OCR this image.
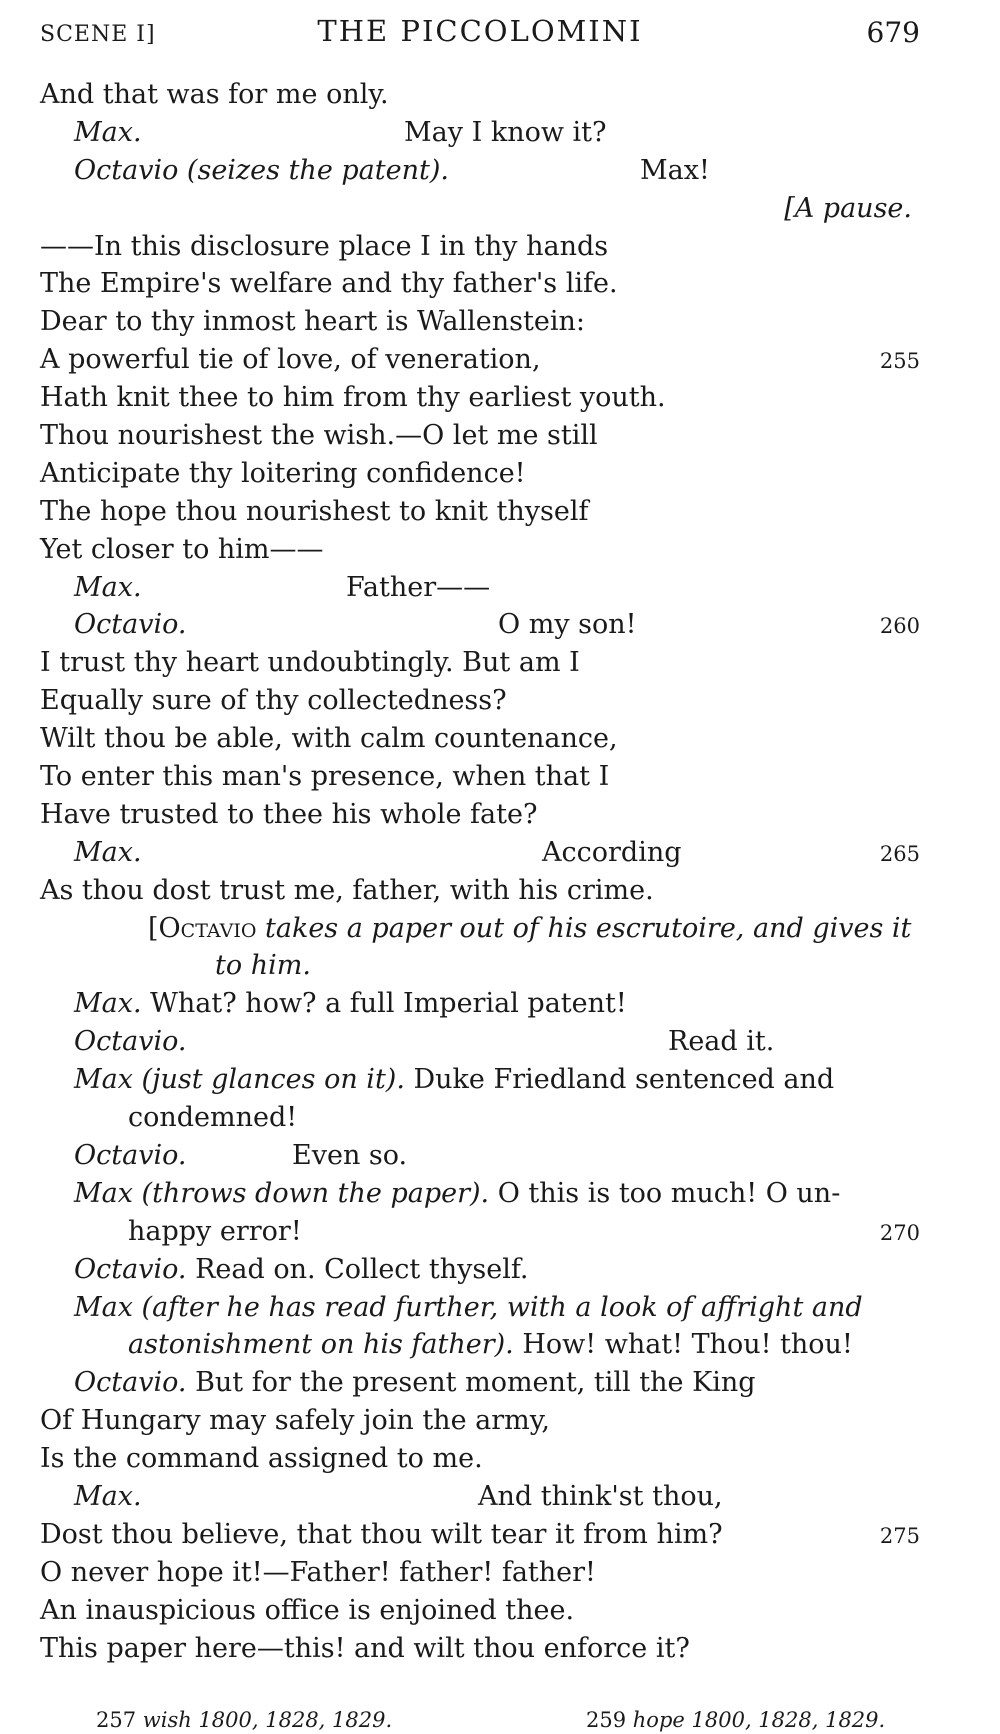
SCENE I]	THE PICCOLOMINI	679
And that was for me only.
Max.	May I know it?
Octavio (seizes the patent).	Max!
[A pause.
——In this disclosure place I in thy hands
The Empire's welfare and thy father's life.
Dear to thy inmost heart is Wallenstein:
A powerful tie of love, of veneration,	255
Hath knit thee to him from thy earliest youth.
Thou nourishest the wish.—O let me still
Anticipate thy loitering confidence!
The hope thou nourishest to knit thyself
Yet closer to him——
Max.	Father——
Octavio.	O my son!	260
I trust thy heart undoubtingly. But am I
Equally sure of thy collectedness?
Wilt thou be able, with calm countenance,
To enter this man's presence, when that I
Have trusted to thee his whole fate?
Max.	According	265
As thou dost trust me, father, with his crime.
[Octavio takes a paper out of his escrutoire, and gives it
to him.
Max. What? how? a full Imperial patent!
Octavio.	Read it.
Max (just glances on it). Duke Friedland sentenced and
condemned!
Octavio.	Even so.
Max (throws down the paper). O this is too much! O un-
happy error!	270
Octavio. Read on. Collect thyself.
Max (after he has read further, with a look of affright and
astonishment on his father). How! what! Thou! thou!
Octavio. But for the present moment, till the King
Of Hungary may safely join the army,
Is the command assigned to me.
Max.	And think'st thou,
Dost thou believe, that thou wilt tear it from him?	275
O never hope it!—Father! father! father!
An inauspicious office is enjoined thee.
This paper here—this! and wilt thou enforce it?
257 wish 1800, 1828, 1829.	259 hope 1800, 1828, 1829.
